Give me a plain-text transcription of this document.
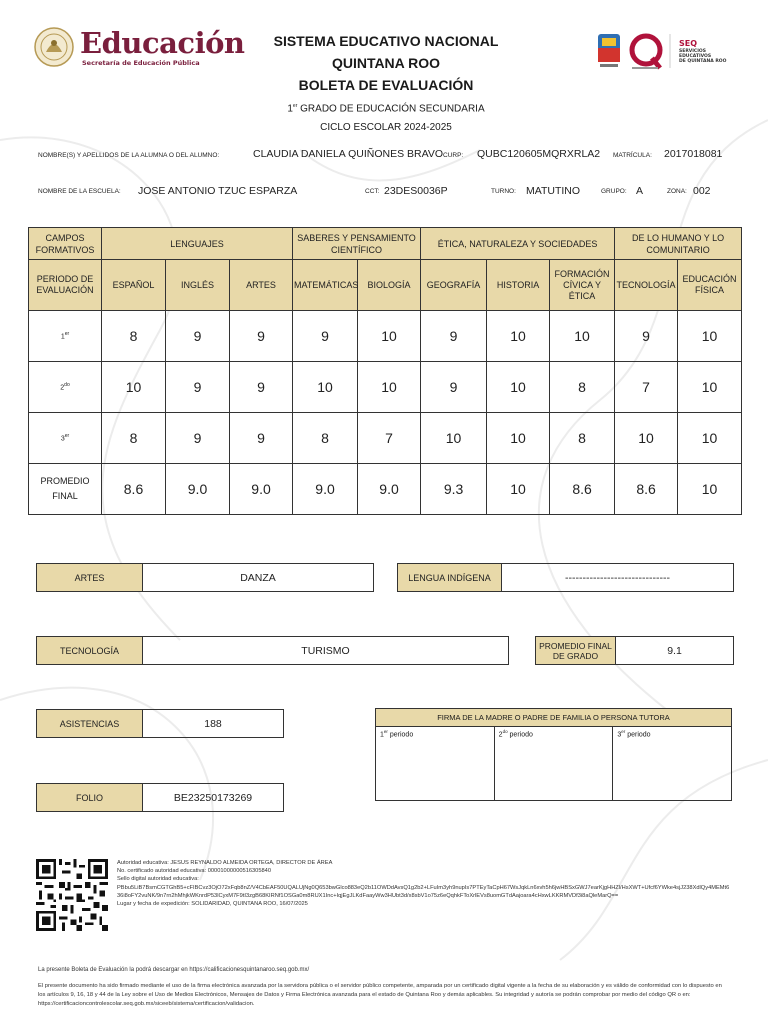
Educación
Secretaría de Educación Pública
SISTEMA EDUCATIVO NACIONAL
QUINTANA ROO
BOLETA DE EVALUACIÓN
1er GRADO DE EDUCACIÓN SECUNDARIA
CICLO ESCOLAR 2024-2025
SEQ
SERVICIOS
EDUCATIVOS
DE QUINTANA ROO
NOMBRE(S) Y APELLIDOS DE LA ALUMNA O DEL ALUMNO:	CLAUDIA DANIELA QUIÑONES BRAVO CURP: QUBC120605MQRXRLA2 MATRÍCULA: 2017018081
NOMBRE DE LA ESCUELA: JOSE ANTONIO TZUC ESPARZA	CCT: 23DES0036P	TURNO: MATUTINO	GRUPO: A	ZONA: 002
CAMPOS FORMATIVOS	LENGUAJES			SABERES Y PENSAMIENTO CIENTÍFICO		ÉTICA, NATURALEZA Y SOCIEDADES			DE LO HUMANO Y LO COMUNITARIO	
PERIODO DE EVALUACIÓN	ESPAÑOL	INGLÉS	ARTES	MATEMÁTICAS	BIOLOGÍA	GEOGRAFÍA	HISTORIA	FORMACIÓN CÍVICA Y ÉTICA	TECNOLOGÍA	EDUCACIÓN FÍSICA
1er	8	9	9	9	10	9	10	10	9	10
$2^{do}$	10	9	9	10	10	9	10	8	7	10
3er	8	9	9	8	7	10	10	8	10	10
PROMEDIO FINAL	8.6	9.0	9.0	9.0	9.0	9.3	10	8.6	8.6	10
ARTES	DANZA	LENGUA INDÍGENA	------------------------------
TECNOLOGÍA	TURISMO	PROMEDIO FINAL DE GRADO	9.1
ASISTENCIAS	188
FOLIO	BE23250173269
FIRMA DE LA MADRE O PADRE DE FAMILIA O PERSONA TUTORA
1er periodo	$2^{do}$ periodo	3er periodo
Autoridad educativa: JESUS REYNALDO ALMEIDA ORTEGA, DIRECTOR DE ÁREA
No. certificado autoridad educativa: 00001000000516305840
Sello digital autoridad educativa:
PBbu5LiB7BsmCGTGhB5+cFIBCvz3OjO72xFqb8nZ/V4CbEAF50UQALUjNg0Q653bwGlco883eQ2b11OWDdAvsQ1g2b2+LFuIm3yh9nupIs7PTEyTaCpH67WsJqkLn6xvh5h6jwHBSxGWJ7earKjgHHZl/HsXWT+Ufcf6YWke4sjJ238XdlQy4MEMt636i8oFY2vuNK/9n7rn2hMhjkWKnrdP53lCyxM7F9tI3zgB68KIRNf1OSGa0m8RUX1Inc+IqjEgJLKdFaayWw3HUbt3d/x8sbV1o75z6eQqhkFToXrlEVs8uomGTdAajoara4cHxwLKKRMVDf3i8aQleMarQ==
Lugar y fecha de expedición: SOLIDARIDAD, QUINTANA ROO, 16/07/2025
La presente Boleta de Evaluación la podrá descargar en https://calificacionesquintanaroo.seq.gob.mx/
El presente documento ha sido firmado mediante el uso de la firma electrónica avanzada por la servidora pública o el servidor público competente, amparada por un certificado digital vigente a la fecha de su elaboración y es válido de conformidad con lo dispuesto en los artículos 9, 16, 18 y 44 de la Ley sobre el Uso de Medios Electrónicos, Mensajes de Datos y Firma Electrónica avanzada para el estado de Quintana Roo y demás aplicables. Su integridad y autoría se podrán comprobar por medio del código QR o en: https://certificacioncontrolescolar.seq.gob.mx/siceeb/sistema/certificacion/validacion.
